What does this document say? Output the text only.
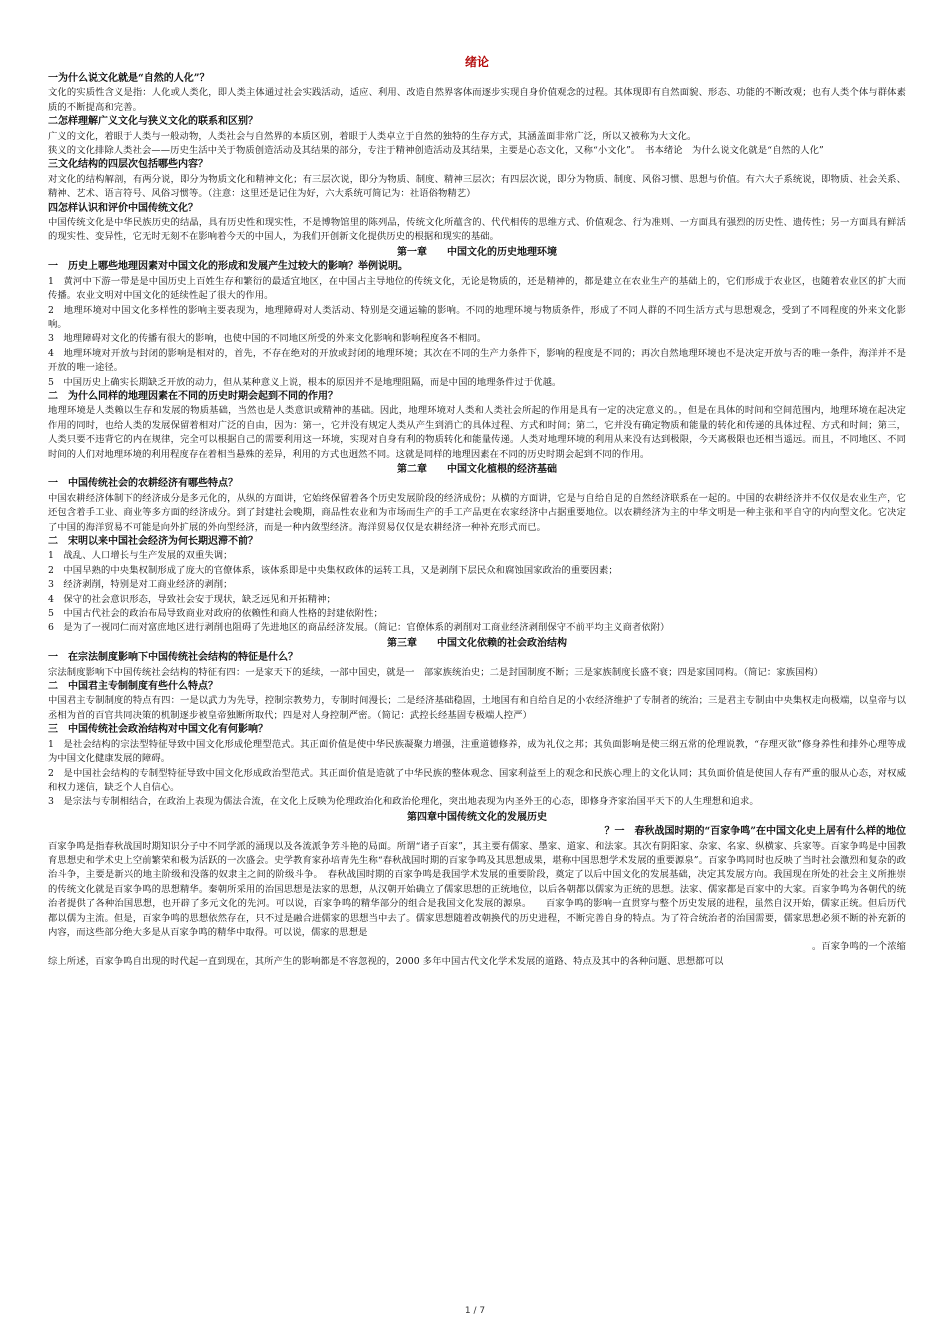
绪论

一为什么说文化就是“自然的人化”？

文化的实质性含义是指：人化或人类化，即人类主体通过社会实践活动，适应、利用、改造自然界客体而逐步实现自身价值观念的过程。其体现即有自然面貌、形态、功能的不断改观；也有人类个体与群体素质的不断提高和完善。

二怎样理解广义文化与狭义文化的联系和区别？

广义的文化，着眼于人类与一般动物，人类社会与自然界的本质区别，着眼于人类卓立于自然的独特的生存方式，其涵盖面非常广泛，所以又被称为大文化。

狭义的文化排除人类社会——历史生活中关于物质创造活动及其结果的部分，专注于精神创造活动及其结果，主要是心态文化，又称“小文化”。　书本绪论　为什么说文化就是“自然的人化”

三文化结构的四层次包括哪些内容？

对文化的结构解剖，有两分说，即分为物质文化和精神文化；有三层次说，即分为物质、制度、精神三层次；有四层次说，即分为物质、制度、风俗习惯、思想与价值。有六大子系统说，即物质、社会关系、精神、艺术、语言符号、风俗习惯等。（注意：这里还是记住为好，六大系统可简记为：社语俗物精艺）

四怎样认识和评价中国传统文化？

中国传统文化是中华民族历史的结晶，具有历史性和现实性，不是博物馆里的陈列品，传统文化所蕴含的、代代相传的思维方式、价值观念、行为准则、一方面具有强烈的历史性、遗传性；另一方面具有鲜活的现实性、变异性，它无时无刻不在影响着今天的中国人，为我们开创新文化提供历史的根据和现实的基础。

第一章　　中国文化的历史地理环境

一　历史上哪些地理因素对中国文化的形成和发展产生过较大的影响？举例说明。

1　黄河中下游一带是是中国历史上百姓生存和繁衍的最适宜地区，在中国占主导地位的传统文化，无论是物质的，还是精神的，都是建立在农业生产的基础上的，它们形成于农业区，也随着农业区的扩大而传播。农业文明对中国文化的延续性起了很大的作用。

2　地理环境对中国文化多样性的影响主要表现为，地理障碍对人类活动、特别是交通运输的影响。不同的地理环境与物质条件，形成了不同人群的不同生活方式与思想观念，受到了不同程度的外来文化影响。

3　地理障碍对文化的传播有很大的影响，也使中国的不同地区所受的外来文化影响和影响程度各不相同。

4　地理环境对开放与封闭的影响是相对的，首先，不存在绝对的开放或封闭的地理环境；其次在不同的生产力条件下，影响的程度是不同的；再次自然地理环境也不是决定开放与否的唯一条件，海洋并不是开放的唯一途径。

5　中国历史上确实长期缺乏开放的动力，但从某种意义上说，根本的原因并不是地理阻隔，而是中国的地理条件过于优越。

二　为什么同样的地理因素在不同的历史时期会起到不同的作用？

地理环境是人类赖以生存和发展的物质基础，当然也是人类意识或精神的基础。因此，地理环境对人类和人类社会所起的作用是具有一定的决定意义的。，但是在具体的时间和空间范围内，地理环境在起决定作用的同时，也给人类的发展保留着相对广泛的自由，因为：第一，它并没有规定人类从产生到消亡的具体过程、方式和时间；第二，它并没有确定物质和能量的转化和传递的具体过程、方式和时间；第三，人类只要不违背它的内在规律，完全可以根据自己的需要利用这一环境，实现对自身有利的物质转化和能量传递。人类对地理环境的利用从来没有达到极限，今天离极限也还相当遥远。而且，不同地区、不同时间的人们对地理环境的利用程度存在着相当悬殊的差异，利用的方式也迥然不同。这就是同样的地理因素在不同的历史时期会起到不同的作用。

第二章　　中国文化植根的经济基础

一　中国传统社会的农耕经济有哪些特点？

中国农耕经济体制下的经济成分是多元化的，从纵的方面讲，它始终保留着各个历史发展阶段的经济成份；从横的方面讲，它是与自给自足的自然经济联系在一起的。中国的农耕经济并不仅仅是农业生产，它还包含着手工业、商业等多方面的经济成分。到了封建社会晚期，商品性农业和为市场而生产的手工产品更在农家经济中占据重要地位。以农耕经济为主的中华文明是一种主张和平自守的内向型文化。它决定了中国的海洋贸易不可能是向外扩展的外向型经济，而是一种内敛型经济。海洋贸易仅仅是农耕经济一种补充形式而已。

二　宋明以来中国社会经济为何长期迟滞不前？

1　战乱、人口增长与生产发展的双重失调；

2　中国早熟的中央集权制形成了庞大的官僚体系，该体系即是中央集权政体的运转工具，又是剥削下层民众和腐蚀国家政治的重要因素；

3　经济剥削，特别是对工商业经济的剥削；

4　保守的社会意识形态，导致社会安于现状，缺乏远见和开拓精神；

5　中国古代社会的政治布局导致商业对政府的依赖性和商人性格的封建依附性；

6　是为了一视同仁而对富庶地区进行剥削也阻碍了先进地区的商品经济发展。（简记：官僚体系的剥削对工商业经济剥削保守不前平均主义商者依附）

第三章　　中国文化依赖的社会政治结构

一　在宗法制度影响下中国传统社会结构的特征是什么？

宗法制度影响下中国传统社会结构的特征有四：一是家天下的延续，一部中国史，就是一　部家族统治史；二是封国制度不断；三是家族制度长盛不衰；四是家国同构。（简记：家族国构）

二　中国君主专制制度有些什么特点？

中国君主专制制度的特点有四：一是以武力为先导，控制宗教势力，专制时间漫长；二是经济基础稳固，土地国有和自给自足的小农经济维护了专制者的统治；三是君主专制由中央集权走向极端，以皇帝与以丞相为首的百官共同决策的机制逐步被皇帝独断所取代；四是对人身控制严密。（简记：武控长经基固专极端人控严）

三　中国传统社会政治结构对中国文化有何影响？

1　是社会结构的宗法型特征导致中国文化形成伦理型范式。其正面价值是使中华民族凝聚力增强，注重道德修养，成为礼仪之邦；其负面影响是使三纲五常的伦理说教，“存理灭欲”修身养性和排外心理等成为中国文化健康发展的障碍。

2　是中国社会结构的专制型特征导致中国文化形成政治型范式。其正面价值是造就了中华民族的整体观念、国家利益至上的观念和民族心理上的文化认同；其负面价值是使国人存有严重的服从心态，对权威和权力迷信，缺乏个人自信心。

3　是宗法与专制相结合，在政治上表现为儒法合流，在文化上反映为伦理政治化和政治伦理化，突出地表现为内圣外王的心态，即修身齐家治国平天下的人生理想和追求。

第四章中国传统文化的发展历史

？一　春秋战国时期的“百家争鸣”在中国文化史上居有什么样的地位

百家争鸣是指春秋战国时期知识分子中不同学派的涌现以及各流派争芳斗艳的局面。所谓“诸子百家”，其主要有儒家、墨家、道家、和法家。其次有阴阳家、杂家、名家、纵横家、兵家等。百家争鸣是中国教育思想史和学术史上空前繁荣和极为活跃的一次盛会。史学教育家孙培青先生称“春秋战国时期的百家争鸣及其思想成果，堪称中国思想学术发展的重要源泉”。百家争鸣同时也反映了当时社会激烈和复杂的政治斗争，主要是新兴的地主阶级和没落的奴隶主之间的阶级斗争。　春秋战国时期的百家争鸣是我国学术发展的重要阶段，奠定了以后中国文化的发展基础，决定其发展方向。我国现在所处的社会主义所推崇的传统文化就是百家争鸣的思想精华。秦朝所采用的治国思想是法家的思想，从汉朝开始确立了儒家思想的正统地位，以后各朝都以儒家为正统的思想。法家、儒家都是百家中的大家。百家争鸣为各朝代的统治者提供了各种治国思想，也开辟了多元文化的先河。可以说，百家争鸣的精华部分的组合是我国文化发展的源泉。　　百家争鸣的影响一直贯穿与整个历史发展的进程，虽然自汉开始，儒家正统。但后历代都以儒为主流。但是，百家争鸣的思想依然存在，只不过是融合进儒家的思想当中去了。儒家思想随着改朝换代的历史进程，不断完善自身的特点。为了符合统治者的治国需要，儒家思想必须不断的补充新的内容，而这些部分绝大多是从百家争鸣的精华中取得。可以说，儒家的思想是

。百家争鸣的一个浓缩

综上所述，百家争鸣自出现的时代起一直到现在，其所产生的影响都是不容忽视的，2000 多年中国古代文化学术发展的道路、特点及其中的各种问题、思想都可以

1 / 7
